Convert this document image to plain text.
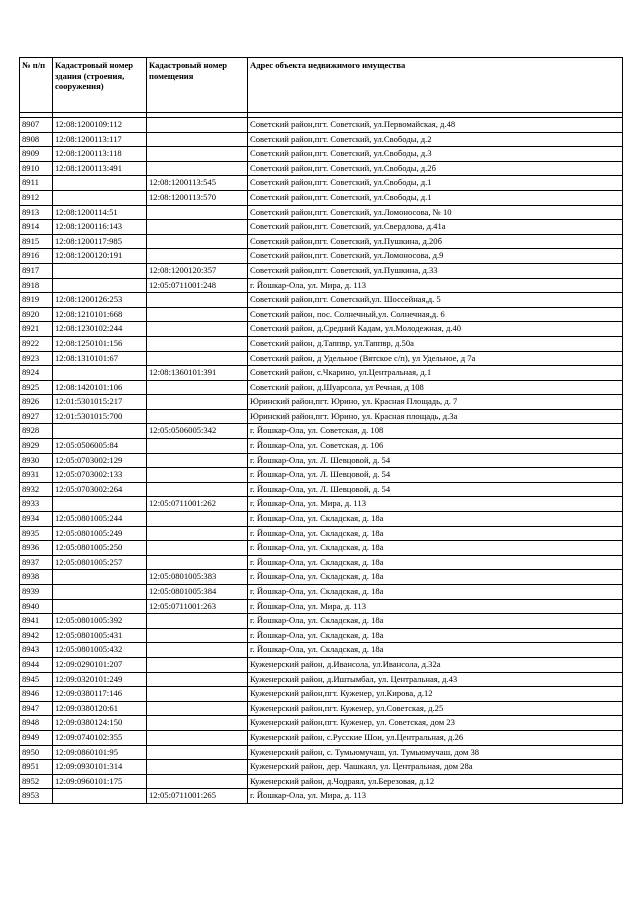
№ п/п	Кадастровый номер здания (строения, сооружения)	Кадастровый номер помещения	Адрес объекта недвижимого имущества

8907	12:08:1200109:112		Советский район,пгт. Советский, ул.Первомайская, д.48
8908	12:08:1200113:117		Советский район,пгт. Советский, ул.Свободы, д.2
8909	12:08:1200113:118		Советский район,пгт. Советский, ул.Свободы, д.3
8910	12:08:1200113:491		Советский район,пгт. Советский, ул.Свободы, д.2б
8911		12:08:1200113:545	Советский район,пгт. Советский, ул.Свободы, д.1
8912		12:08:1200113:570	Советский район,пгт. Советский, ул.Свободы, д.1
8913	12:08:1200114:51		Советский район,пгт. Советский, ул.Ломоносова, № 10
8914	12:08:1200116:143		Советский район,пгт. Советский, ул.Свердлова, д.41а
8915	12:08:1200117:985		Советский район,пгт. Советский, ул.Пушкина, д.20б
8916	12:08:1200120:191		Советский район,пгт. Советский, ул.Ломоносова, д.9
8917		12:08:1200120:357	Советский район,пгт. Советский, ул.Пушкина, д.33
8918		12:05:0711001:248	г. Йошкар-Ола, ул. Мира, д. 113
8919	12:08:1200126:253		Советский район,пгт. Советский,ул. Шоссейная,д. 5
8920	12:08:1210101:668		Советский район, пос. Солнечный,ул. Солнечная,д. 6
8921	12:08:1230102:244		Советский район, д.Средний Кадам, ул.Молодежная, д.40
8922	12:08:1250101:156		Советский район, д.Таппвр, ул.Таппвр, д.50а
8923	12:08:1310101:67		Советский район, д Удельное (Вятское с/п), ул Удельное, д 7а
8924		12:08:1360101:391	Советский район, с.Чкарино, ул.Центральная, д.1
8925	12:08:1420101:106		Советский район, д.Шуарсола, ул Речная, д 108
8926	12:01:5301015:217		Юринский район,пгт. Юрино, ул. Красная Площадь, д. 7
8927	12:01:5301015:700		Юринский район,пгт. Юрино, ул. Красная площадь, д.3а
8928		12:05:0506005:342	г. Йошкар-Ола, ул. Советская, д. 108
8929	12:05:0506005:84		г. Йошкар-Ола, ул. Советская, д. 106
8930	12:05:0703002:129		г. Йошкар-Ола, ул. Л. Шевцовой, д. 54
8931	12:05:0703002:133		г. Йошкар-Ола, ул. Л. Шевцовой, д. 54
8932	12:05:0703002:264		г. Йошкар-Ола, ул. Л. Шевцовой, д. 54
8933		12:05:0711001:262	г. Йошкар-Ола, ул. Мира, д. 113
8934	12:05:0801005:244		г. Йошкар-Ола, ул. Складская, д. 18а
8935	12:05:0801005:249		г. Йошкар-Ола, ул. Складская, д. 18а
8936	12:05:0801005:250		г. Йошкар-Ола, ул. Складская, д. 18а
8937	12:05:0801005:257		г. Йошкар-Ола, ул. Складская, д. 18а
8938		12:05:0801005:383	г. Йошкар-Ола, ул. Складская, д. 18а
8939		12:05:0801005:384	г. Йошкар-Ола, ул. Складская, д. 18а
8940		12:05:0711001:263	г. Йошкар-Ола, ул. Мира, д. 113
8941	12:05:0801005:392		г. Йошкар-Ола, ул. Складская, д. 18а
8942	12:05:0801005:431		г. Йошкар-Ола, ул. Складская, д. 18а
8943	12:05:0801005:432		г. Йошкар-Ола, ул. Складская, д. 18а
8944	12:09:0290101:207		Куженерский район, д.Ивансола, ул.Ивансола, д.32а
8945	12:09:0320101:249		Куженерский район, д.Иштымбал, ул. Центральная, д.43
8946	12:09:0380117:146		Куженерский район,пгт. Куженер, ул.Кирова, д.12
8947	12:09:0380120:61		Куженерский район,пгт. Куженер, ул.Советская, д.25
8948	12:09:0380124:150		Куженерский район,пгт. Куженер, ул. Советская, дом 23
8949	12:09:0740102:355		Куженерский район, с.Русские Шои, ул.Центральная, д.26
8950	12:09:0860101:95		Куженерский район, с. Тумьюмучаш, ул. Тумьюмучаш, дом 38
8951	12:09:0930101:314		Куженерский район, дер. Чашкаял, ул. Центральная, дом 28а
8952	12:09:0960101:175		Куженерский район, д.Чодраял, ул.Березовая, д.12
8953		12:05:0711001:265	г. Йошкар-Ола, ул. Мира, д. 113
